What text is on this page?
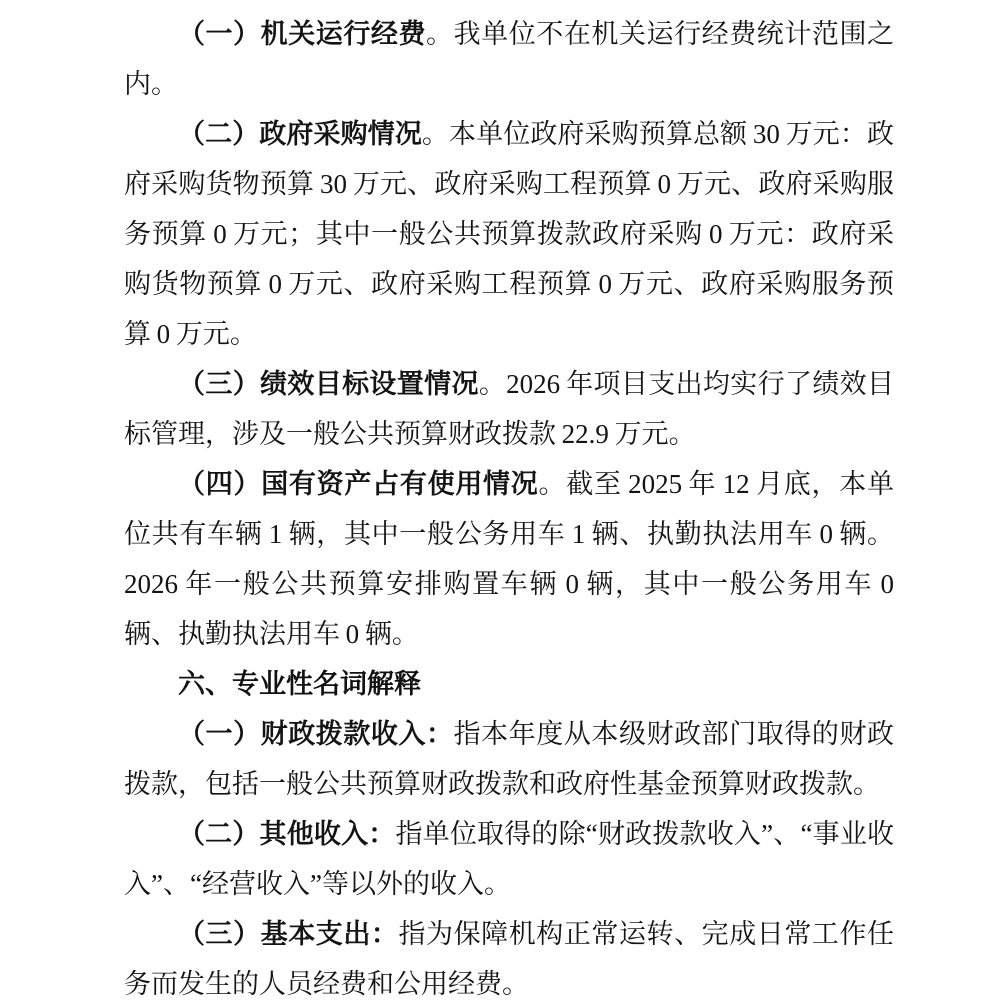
（一）机关运行经费。我单位不在机关运行经费统计范围之内。

（二）政府采购情况。本单位政府采购预算总额 30 万元：政府采购货物预算 30 万元、政府采购工程预算 0 万元、政府采购服务预算 0 万元；其中一般公共预算拨款政府采购 0 万元：政府采购货物预算 0 万元、政府采购工程预算 0 万元、政府采购服务预算 0 万元。

（三）绩效目标设置情况。2026 年项目支出均实行了绩效目标管理，涉及一般公共预算财政拨款 22.9 万元。

（四）国有资产占有使用情况。截至 2025 年 12 月底，本单位共有车辆 1 辆，其中一般公务用车 1 辆、执勤执法用车 0 辆。2026 年一般公共预算安排购置车辆 0 辆，其中一般公务用车 0 辆、执勤执法用车 0 辆。

六、专业性名词解释

（一）财政拨款收入：指本年度从本级财政部门取得的财政拨款，包括一般公共预算财政拨款和政府性基金预算财政拨款。

（二）其他收入：指单位取得的除“财政拨款收入”、“事业收入”、“经营收入”等以外的收入。

（三）基本支出：指为保障机构正常运转、完成日常工作任务而发生的人员经费和公用经费。
